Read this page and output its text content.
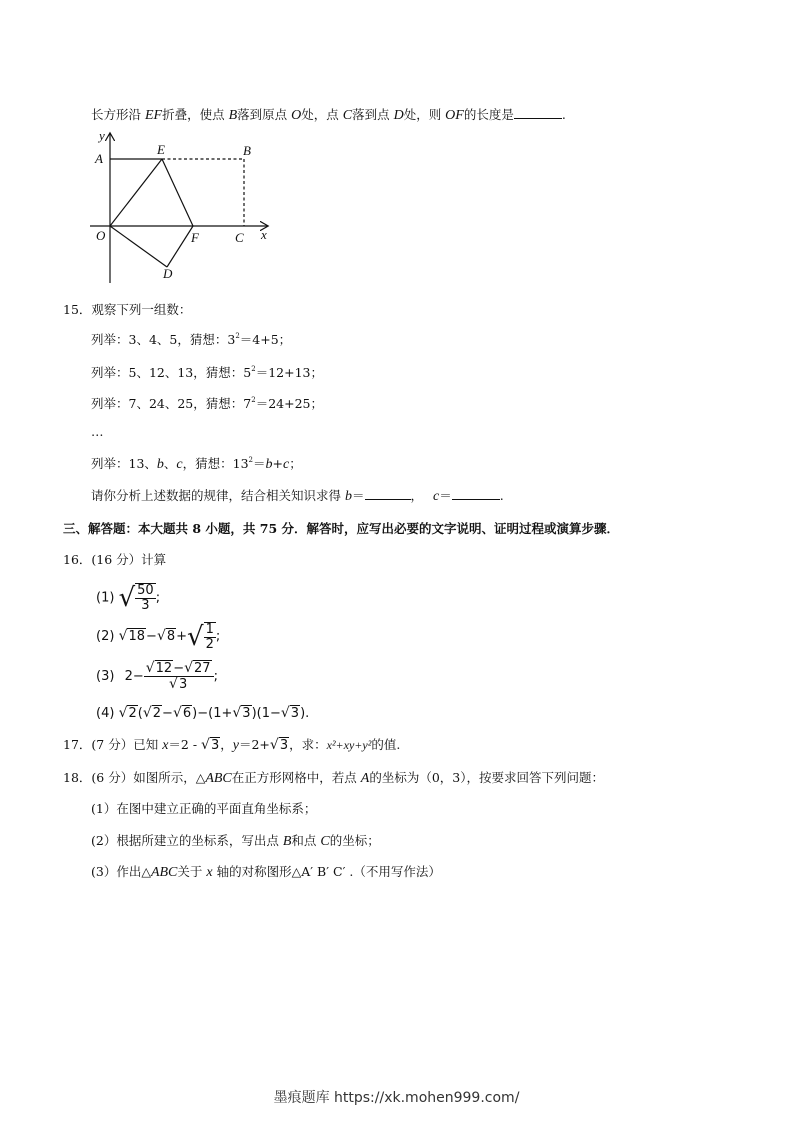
长方形沿 EF折叠，使点 B落到原点 O处，点 C落到点 D处，则 OF的长度是	.
y
x
A
E	B
O	F	C
D
15．观察下列一组数：
列举：3、4、5，猜想：$3^2=4+5$；
列举：5、12、13，猜想：$5^2=12+13$；
列举：7、24、25，猜想：$7^2=24+25$；
…
列举：13、b、c，猜想：$13^2=b+c$；
请你分析上述数据的规律，结合相关知识求得 b＝	， c＝	.
三、解答题：本大题共 8 小题，共 75 分．解答时，应写出必要的文字说明、证明过程或演算步骤．
16．(16 分）计算
(1) √ $\frac{50}{3}$ ;
(2) $√18-√8+√ \frac{1}{2}$ ;
(3) $2- \frac{√12-√27}{√3}$ ;
(4) √2(√2−√6)−(1+√3)(1−√3).
17．(7 分）已知 x＝2 - √3，y＝2+√3，求：x²+xy+y²的值.
18．(6 分）如图所示，△ABC在正方形网格中，若点 A的坐标为（0，3），按要求回答下列问题：
(1）在图中建立正确的平面直角坐标系；
(2）根据所建立的坐标系，写出点 B和点 C的坐标；
(3）作出△ABC关于 x 轴的对称图形△A′ B′ C′ .（不用写作法）
墨痕题库 https://xk.mohen999.com/
